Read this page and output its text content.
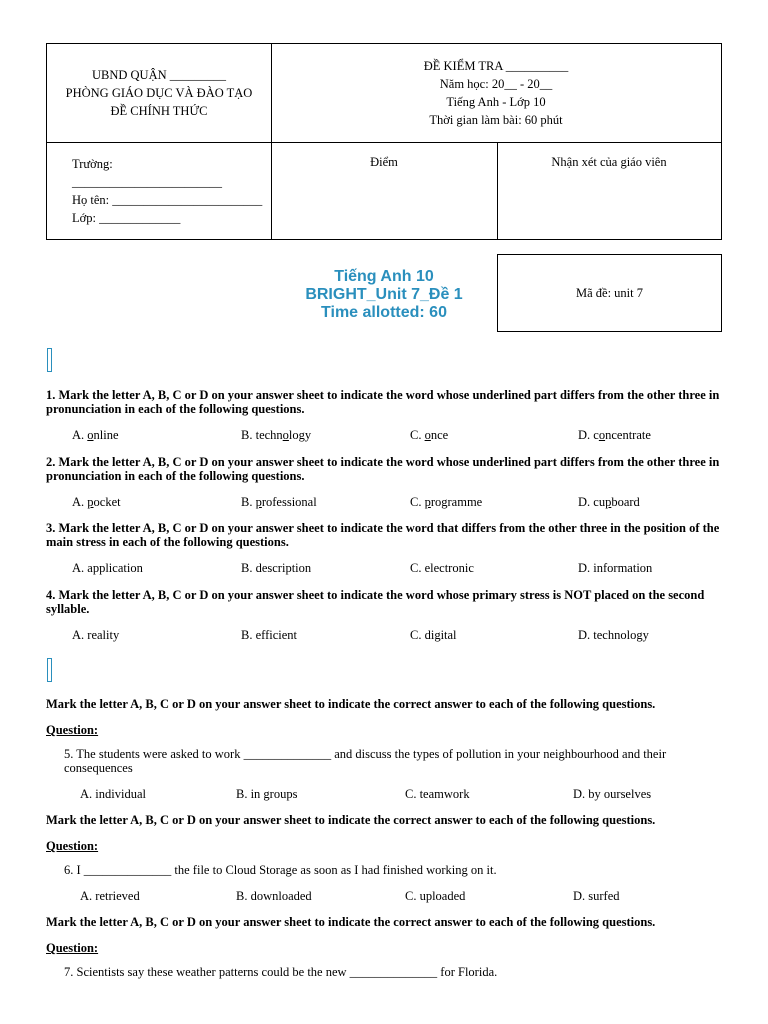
UBND QUẬN _________
PHÒNG GIÁO DỤC VÀ ĐÀO TẠO
ĐỀ CHÍNH THỨC
ĐỀ KIỂM TRA __________
Năm học: 20__ - 20__
Tiếng Anh - Lớp 10
Thời gian làm bài: 60 phút
Trường:
________________________
Họ tên: ________________________
Lớp: _____________
Điểm	Nhận xét của giáo viên
Tiếng Anh 10
BRIGHT_Unit 7_Đề 1
Time allotted: 60
Mã đề: unit 7
1. Mark the letter A, B, C or D on your answer sheet to indicate the word whose underlined part differs from the other three in pronunciation in each of the following questions.
A. online	B. technology	C. once	D. concentrate
2. Mark the letter A, B, C or D on your answer sheet to indicate the word whose underlined part differs from the other three in pronunciation in each of the following questions.
A. pocket	B. professional	C. programme	D. cupboard
3. Mark the letter A, B, C or D on your answer sheet to indicate the word that differs from the other three in the position of the main stress in each of the following questions.
A. application	B. description	C. electronic	D. information
4. Mark the letter A, B, C or D on your answer sheet to indicate the word whose primary stress is NOT placed on the second syllable.
A. reality	B. efficient	C. digital	D. technology
Mark the letter A, B, C or D on your answer sheet to indicate the correct answer to each of the following questions.
Question:
5. The students were asked to work ______________ and discuss the types of pollution in your neighbourhood and their consequences
A. individual	B. in groups	C. teamwork	D. by ourselves
Mark the letter A, B, C or D on your answer sheet to indicate the correct answer to each of the following questions.
Question:
6. I ______________ the file to Cloud Storage as soon as I had finished working on it.
A. retrieved	B. downloaded	C. uploaded	D. surfed
Mark the letter A, B, C or D on your answer sheet to indicate the correct answer to each of the following questions.
Question:
7. Scientists say these weather patterns could be the new ______________ for Florida.
